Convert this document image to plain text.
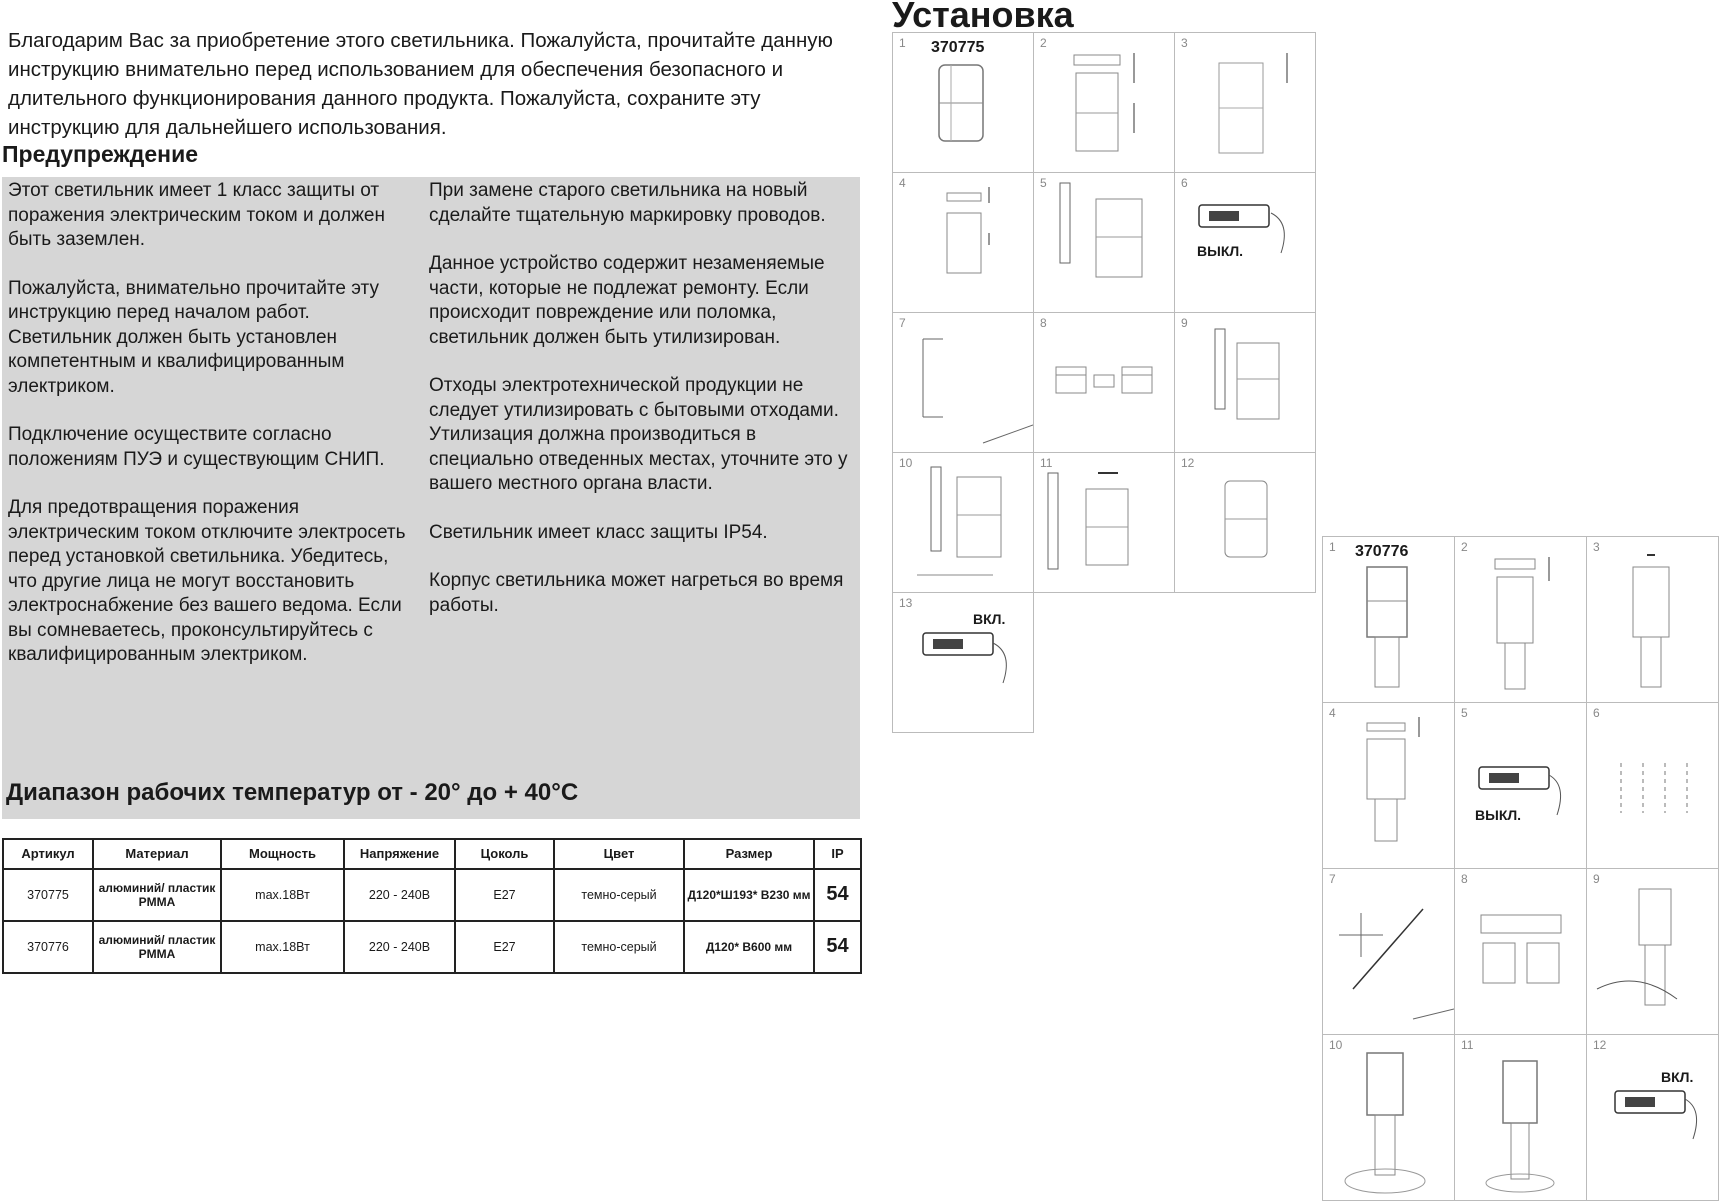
Благодарим Вас за приобретение этого светильника. Пожалуйста, прочитайте данную инструкцию внимательно перед использованием для обеспечения безопасного и длительного функционирования данного продукта. Пожалуйста, сохраните эту инструкцию для дальнейшего использования.

Предупреждение

Этот светильник имеет 1 класс защиты от поражения электрическим током и должен быть заземлен.

Пожалуйста, внимательно прочитайте эту инструкцию перед началом работ. Светильник должен быть установлен компетентным и квалифицированным электриком.

Подключение осуществите согласно положениям ПУЭ и существующим СНИП.

Для предотвращения поражения электрическим током отключите электросеть перед установкой светильника. Убедитесь, что другие лица не могут восстановить электроснабжение без вашего ведома. Если вы сомневаетесь, проконсультируйтесь с квалифицированным электриком.

При замене старого светильника на новый сделайте тщательную маркировку проводов.

Данное устройство содержит незаменяемые части, которые не подлежат ремонту. Если происходит повреждение или поломка, светильник должен быть утилизирован.

Отходы электротехнической продукции не следует утилизировать с бытовыми отходами. Утилизация должна производиться в специально отведенных местах, уточните это у вашего местного органа власти.

Светильник имеет класс защиты IP54.

Корпус светильника может нагреться во время работы.

Диапазон рабочих температур от - 20° до + 40°С

Артикул	Материал	Мощность	Напряжение	Цоколь	Цвет	Размер	IP
370775	алюминий/ пластик PMMA	max.18Вт	220 - 240В	E27	темно-серый	Д120*Ш193* В230 мм	54
370776	алюминий/ пластик PMMA	max.18Вт	220 - 240В	E27	темно-серый	Д120* В600 мм	54
Установка
1 370775	2	3
4	5	6
ВЫКЛ.
7	8	9
10	11	12
13
ВКЛ.
1 370776	2	3
4	5
ВЫКЛ.
6
7	8	9
10	11	12
ВКЛ.
